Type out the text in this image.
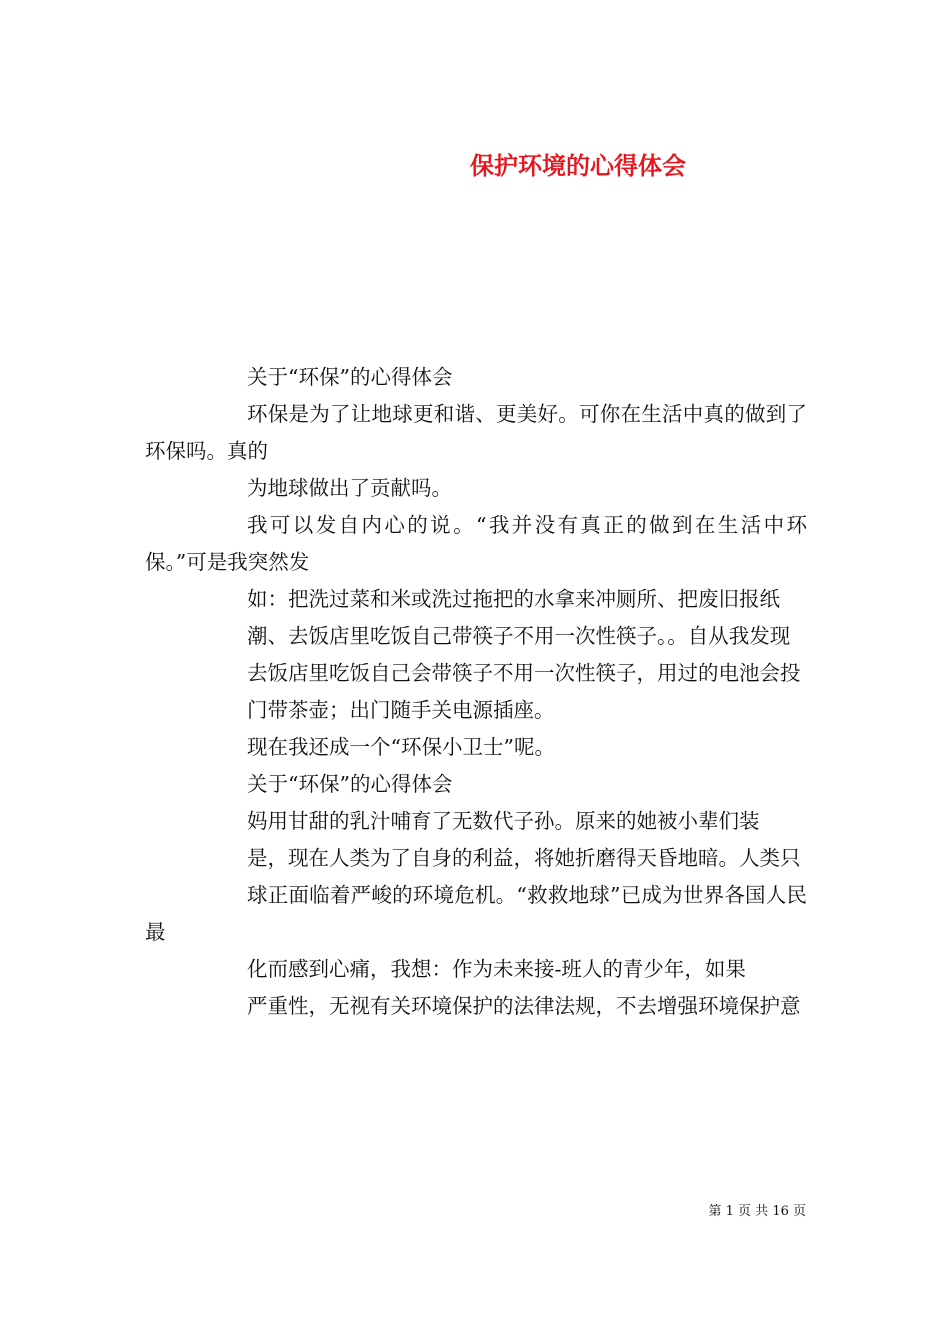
保护环境的心得体会

关于“环保”的心得体会

环保是为了让地球更和谐、更美好。可你在生活中真的做到了环保吗。真的

为地球做出了贡献吗。

我可以发自内心的说。“我并没有真正的做到在生活中环保。”可是我突然发

如：把洗过菜和米或洗过拖把的水拿来冲厕所、把废旧报纸

潮、去饭店里吃饭自己带筷子不用一次性筷子。。自从我发现

去饭店里吃饭自己会带筷子不用一次性筷子，用过的电池会投

门带茶壶；出门随手关电源插座。

现在我还成一个“环保小卫士”呢。

关于“环保”的心得体会

妈用甘甜的乳汁哺育了无数代子孙。原来的她被小辈们装

是，现在人类为了自身的利益，将她折磨得天昏地暗。人类只

球正面临着严峻的环境危机。“救救地球”已成为世界各国人民最

化而感到心痛，我想：作为未来接-班人的青少年，如果

严重性，无视有关环境保护的法律法规，不去增强环境保护意

第 1 页 共 16 页
